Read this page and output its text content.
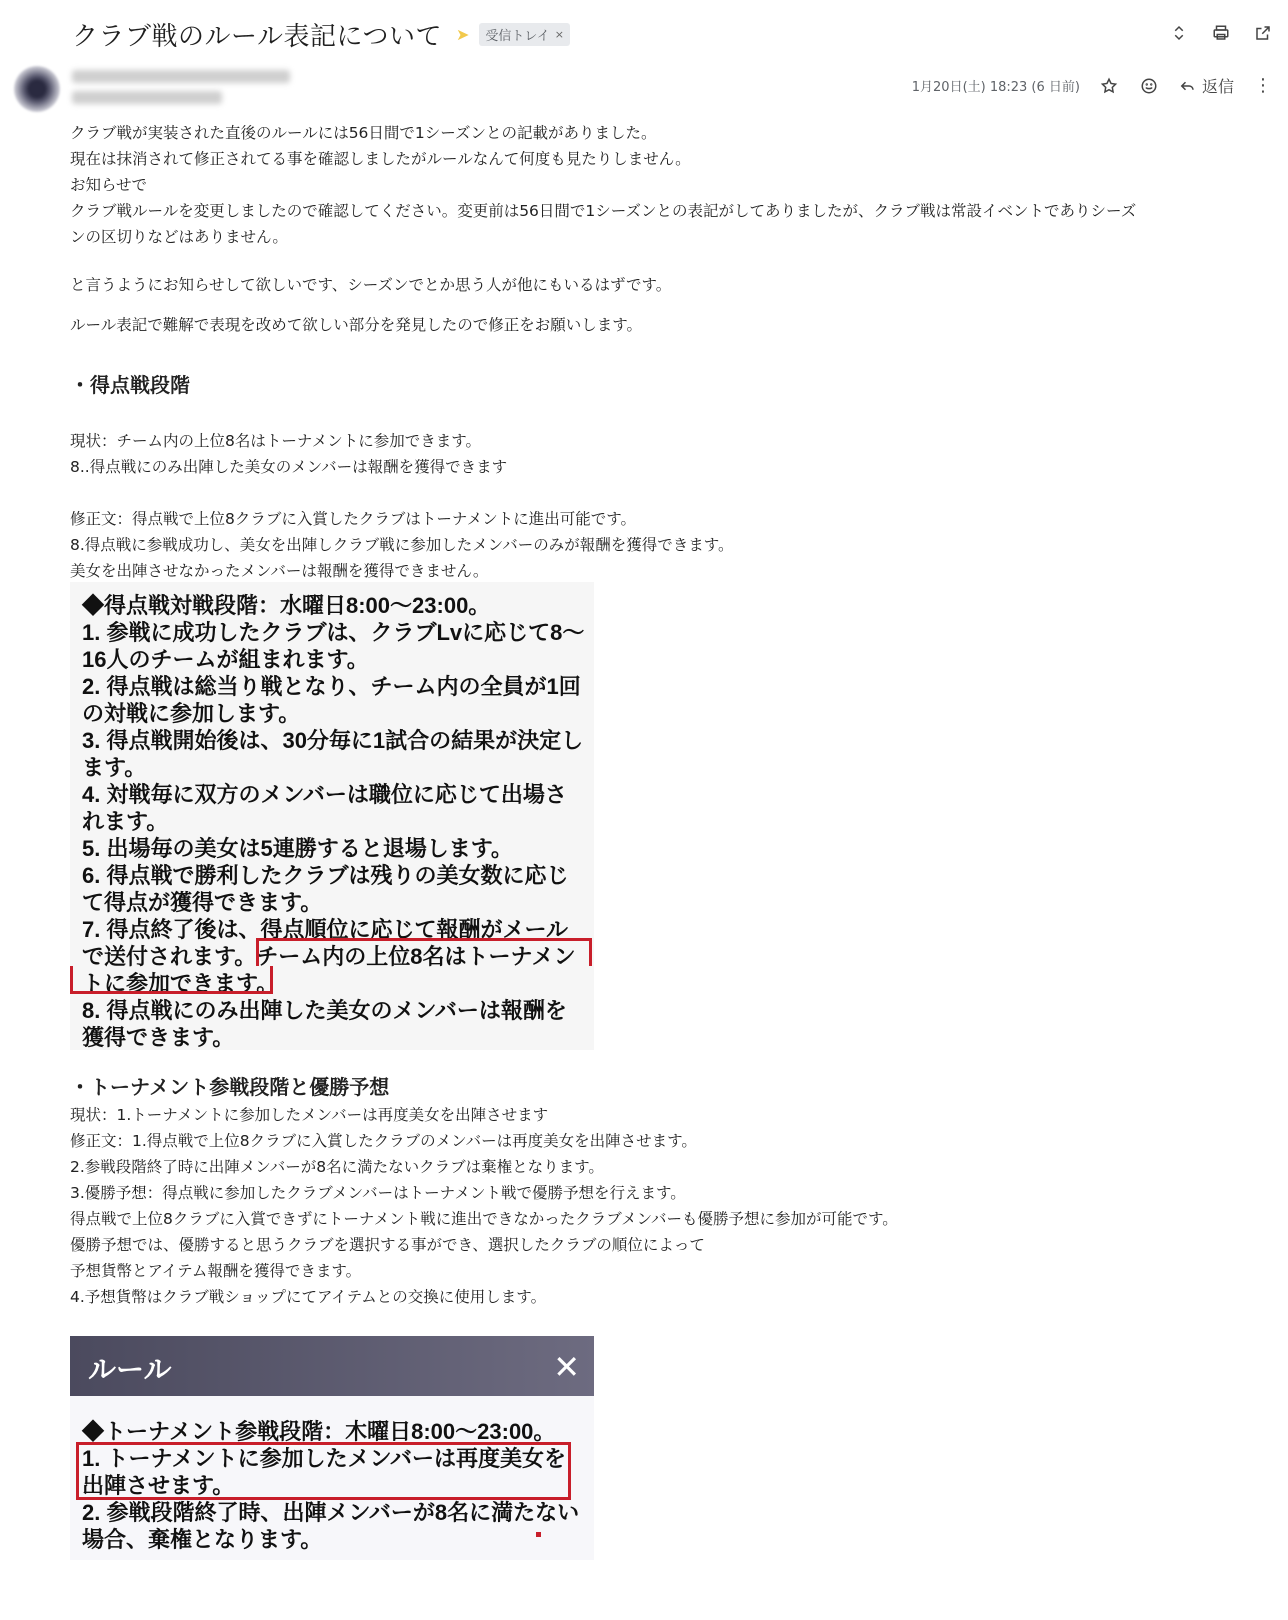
クラブ戦のルール表記について ➤ 受信トレイ ×
1月20日(土) 18:23 (6 日前)	返信 ⋮

クラブ戦が実装された直後のルールには56日間で1シーズンとの記載がありました。

現在は抹消されて修正されてる事を確認しましたがルールなんて何度も見たりしません。

お知らせで

クラブ戦ルールを変更しましたので確認してください。変更前は56日間で1シーズンとの表記がしてありましたが、クラブ戦は常設イベントでありシーズ

ンの区切りなどはありません。

と言うようにお知らせして欲しいです、シーズンでとか思う人が他にもいるはずです。

ルール表記で難解で表現を改めて欲しい部分を発見したので修正をお願いします。

・得点戦段階

現状：チーム内の上位8名はトーナメントに参加できます。

8..得点戦にのみ出陣した美女のメンバーは報酬を獲得できます

修正文：得点戦で上位8クラブに入賞したクラブはトーナメントに進出可能です。

8.得点戦に参戦成功し、美女を出陣しクラブ戦に参加したメンバーのみが報酬を獲得できます。

美女を出陣させなかったメンバーは報酬を獲得できません。

◆得点戦対戦段階：水曜日8:00〜23:00。
1. 参戦に成功したクラブは、クラブLvに応じて8〜
16人のチームが組まれます。
2. 得点戦は総当り戦となり、チーム内の全員が1回
の対戦に参加します。
3. 得点戦開始後は、30分毎に1試合の結果が決定し
ます。
4. 対戦毎に双方のメンバーは職位に応じて出場さ
れます。
5. 出場毎の美女は5連勝すると退場します。
6. 得点戦で勝利したクラブは残りの美女数に応じ
て得点が獲得できます。
7. 得点終了後は、得点順位に応じて報酬がメール
で送付されます。チーム内の上位8名はトーナメン
トに参加できます。
8. 得点戦にのみ出陣した美女のメンバーは報酬を
獲得できます。
・トーナメント参戦段階と優勝予想

現状：1.トーナメントに参加したメンバーは再度美女を出陣させます

修正文：1.得点戦で上位8クラブに入賞したクラブのメンバーは再度美女を出陣させます。

2.参戦段階終了時に出陣メンバーが8名に満たないクラブは棄権となります。

3.優勝予想：得点戦に参加したクラブメンバーはトーナメント戦で優勝予想を行えます。

得点戦で上位8クラブに入賞できずにトーナメント戦に進出できなかったクラブメンバーも優勝予想に参加が可能です。

優勝予想では、優勝すると思うクラブを選択する事ができ、選択したクラブの順位によって

予想貨幣とアイテム報酬を獲得できます。

4.予想貨幣はクラブ戦ショップにてアイテムとの交換に使用します。

ルール	✕
◆トーナメント参戦段階：木曜日8:00〜23:00。
1. トーナメントに参加したメンバーは再度美女を
出陣させます。
2. 参戦段階終了時、出陣メンバーが8名に満たない
場合、棄権となります。
